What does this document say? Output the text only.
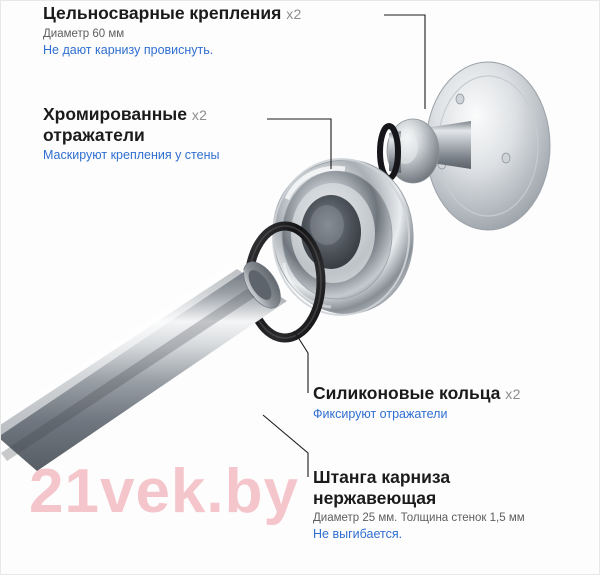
21vek.by
Цельносварные крепления x2
Диаметр 60 мм
Не дают карнизу провиснуть.
Хромированные x2
отражатели
Маскируют крепления у стены
Силиконовые кольца x2
Фиксируют отражатели
Штанга карниза
нержавеющая
Диаметр 25 мм. Толщина стенок 1,5 мм
Не выгибается.
